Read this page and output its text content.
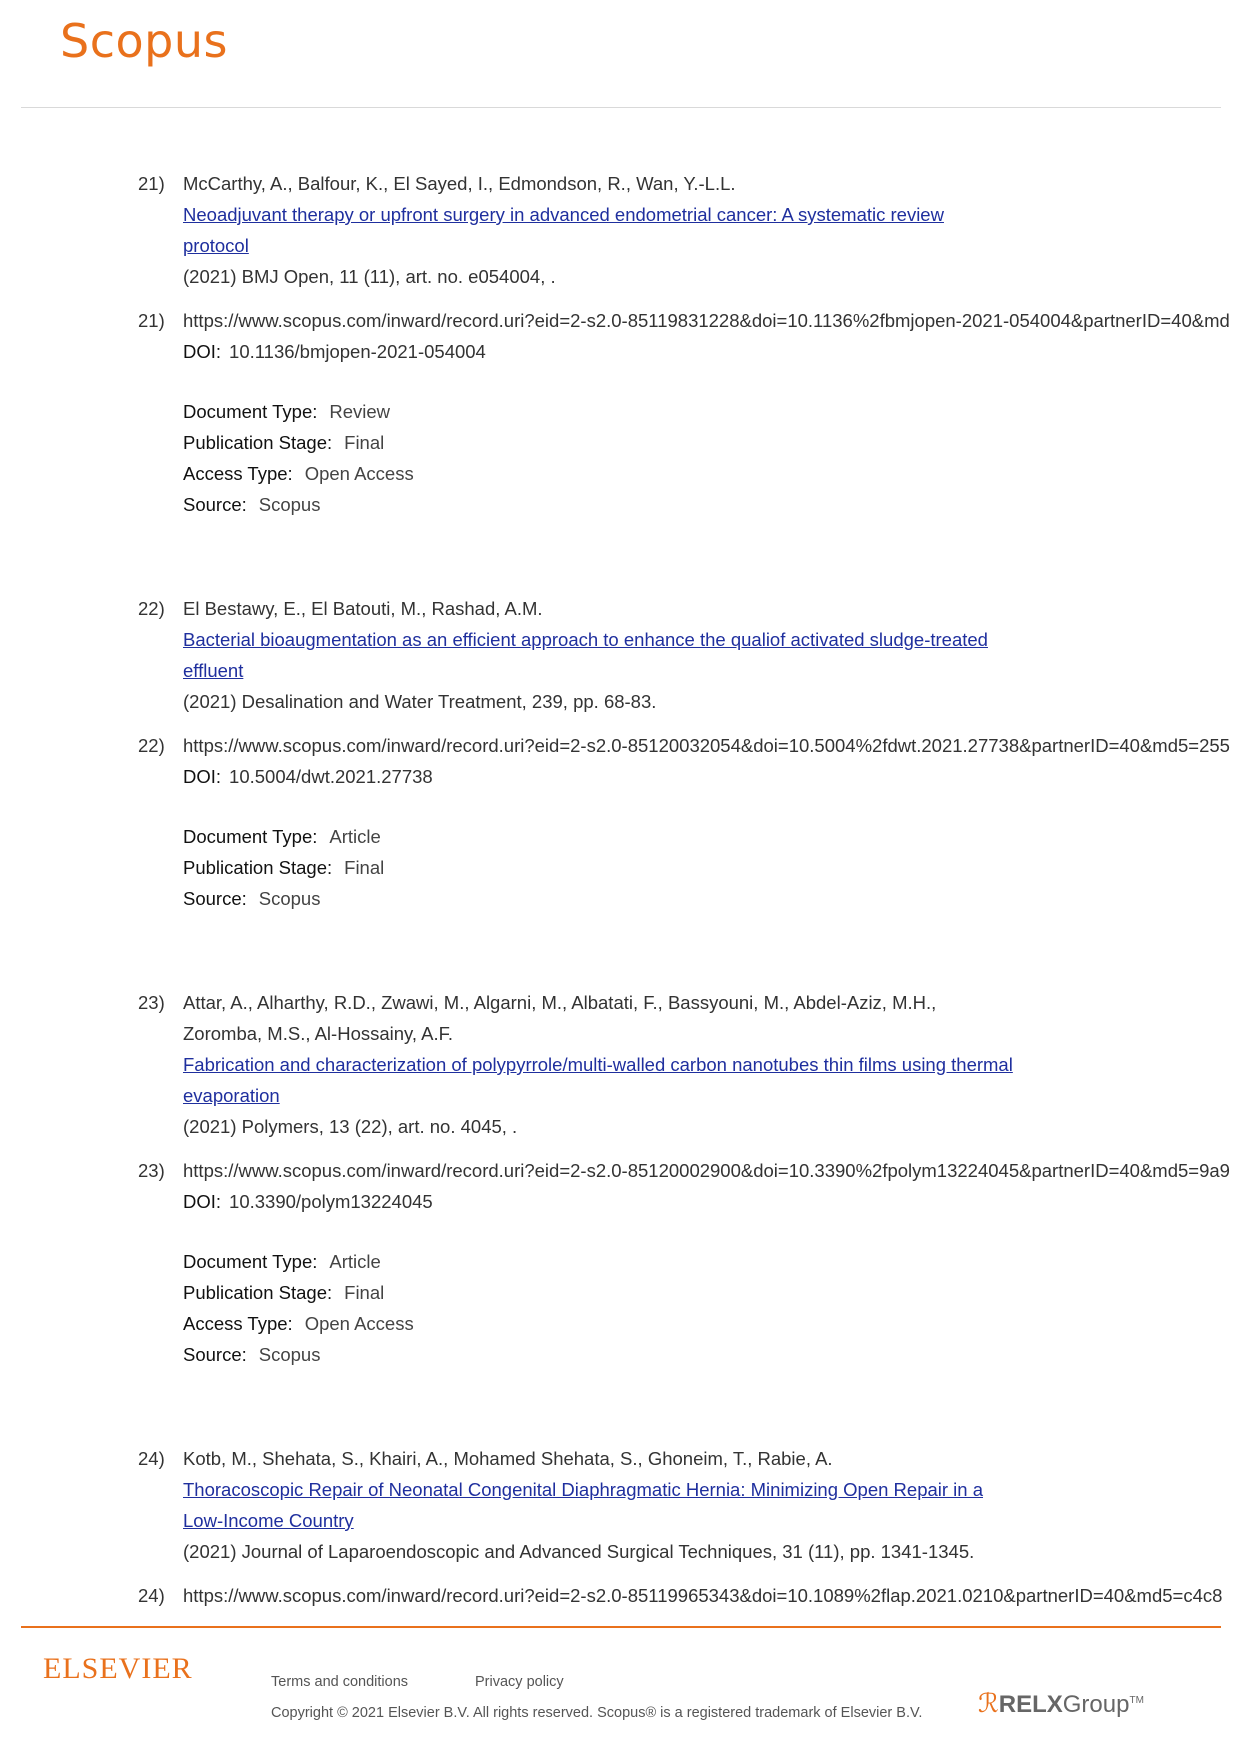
Scopus
21) McCarthy, A., Balfour, K., El Sayed, I., Edmondson, R., Wan, Y.-L.L.
Neoadjuvant therapy or upfront surgery in advanced endometrial cancer: A systematic review
protocol
(2021) BMJ Open, 11 (11), art. no. e054004, .
21) https://www.scopus.com/inward/record.uri?eid=2-s2.0-85119831228&doi=10.1136%2fbmjopen-2021-054004&partnerID=40&md
DOI: 10.1136/bmjopen-2021-054004
Document Type: Review
Publication Stage: Final
Access Type: Open Access
Source: Scopus
22) El Bestawy, E., El Batouti, M., Rashad, A.M.
Bacterial bioaugmentation as an efficient approach to enhance the qualiof activated sludge-treated
effluent
(2021) Desalination and Water Treatment, 239, pp. 68-83.
22) https://www.scopus.com/inward/record.uri?eid=2-s2.0-85120032054&doi=10.5004%2fdwt.2021.27738&partnerID=40&md5=255
DOI: 10.5004/dwt.2021.27738
Document Type: Article
Publication Stage: Final
Source: Scopus
23) Attar, A., Alharthy, R.D., Zwawi, M., Algarni, M., Albatati, F., Bassyouni, M., Abdel-Aziz, M.H.,
Zoromba, M.S., Al-Hossainy, A.F.
Fabrication and characterization of polypyrrole/multi-walled carbon nanotubes thin films using thermal
evaporation
(2021) Polymers, 13 (22), art. no. 4045, .
23) https://www.scopus.com/inward/record.uri?eid=2-s2.0-85120002900&doi=10.3390%2fpolym13224045&partnerID=40&md5=9a9
DOI: 10.3390/polym13224045
Document Type: Article
Publication Stage: Final
Access Type: Open Access
Source: Scopus
24) Kotb, M., Shehata, S., Khairi, A., Mohamed Shehata, S., Ghoneim, T., Rabie, A.
Thoracoscopic Repair of Neonatal Congenital Diaphragmatic Hernia: Minimizing Open Repair in a
Low-Income Country
(2021) Journal of Laparoendoscopic and Advanced Surgical Techniques, 31 (11), pp. 1341-1345.
24) https://www.scopus.com/inward/record.uri?eid=2-s2.0-85119965343&doi=10.1089%2flap.2021.0210&partnerID=40&md5=c4c8
ELSEVIER	Terms and conditions	Privacy policy
Copyright © 2021 Elsevier B.V. All rights reserved. Scopus® is a registered trademark of Elsevier B.V. ℛRELXGroup™
